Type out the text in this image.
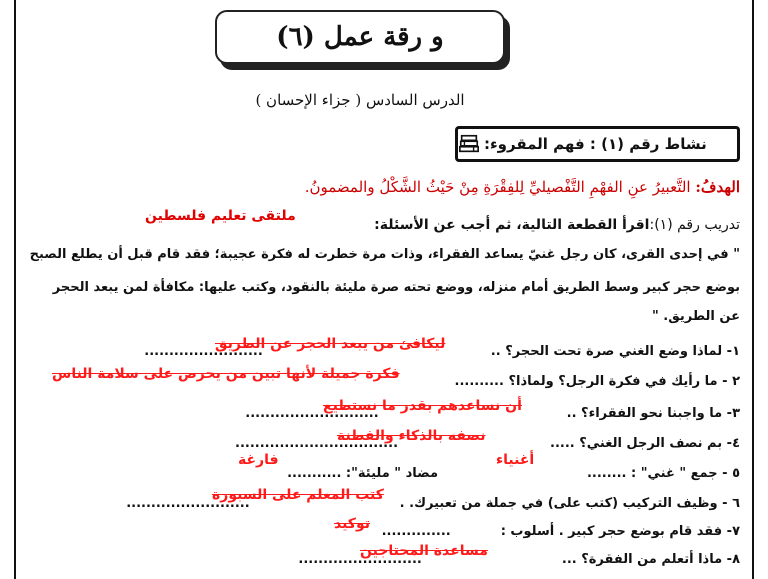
و رقة عمل (٦)
الدرس السادس ( جزاء الإحسان )
نشاط رقم (١) : فهم المقروء:
الهدفُ: التَّعبيرُ عنِ الفهْمِ التَّفْصيليِّ لِلفِقْرَةِ مِنْ حَيْثُ الشَّكْلُ والمضمونُ.
ملتقى تعليم فلسطين
تدريب رقم (١):اقرأ القطعة التالية، ثم أجب عن الأسئلة:
" في إحدى القرى، كان رجل غنيّ يساعد الفقراء، وذات مرة خطرت له فكرة عجيبة؛ فقد قام قبل أن يطلع الصبح
بوضع حجر كبير وسط الطريق أمام منزله، ووضع تحته صرة مليئة بالنقود، وكتب عليها: مكافأة لمن يبعد الحجر
عن الطريق. "
١- لماذا وضع الغني صرة تحت الحجر؟ ..........................
ليكافئ من يبعد الحجر عن الطريق
٢ - ما رأيك في فكرة الرجل؟ ولماذا؟ ..........
فكرة جميلة لأنها تبين من يحرص على سلامة الناس
٣- ما واجبنا نحو الفقراء؟ .............................
أن نساعدهم بقدر ما نستطيع
٤- بم نصف الرجل الغني؟ ......................................
نصفه بالذكاء والفطنة
٥ - جمع " غني" : ........
أغنياء
مضاد " مليئة": ...........
فارغة
٦ - وظيف التركيب (كتب على) في جملة من تعبيرك. ..........................
كتب المعلم على السبورة
٧- فقد قام بوضع حجر كبير . أسلوب :..............
توكيد
٨- ماذا أتعلم من الفقرة؟ ............................
مساعدة المحتاجين
